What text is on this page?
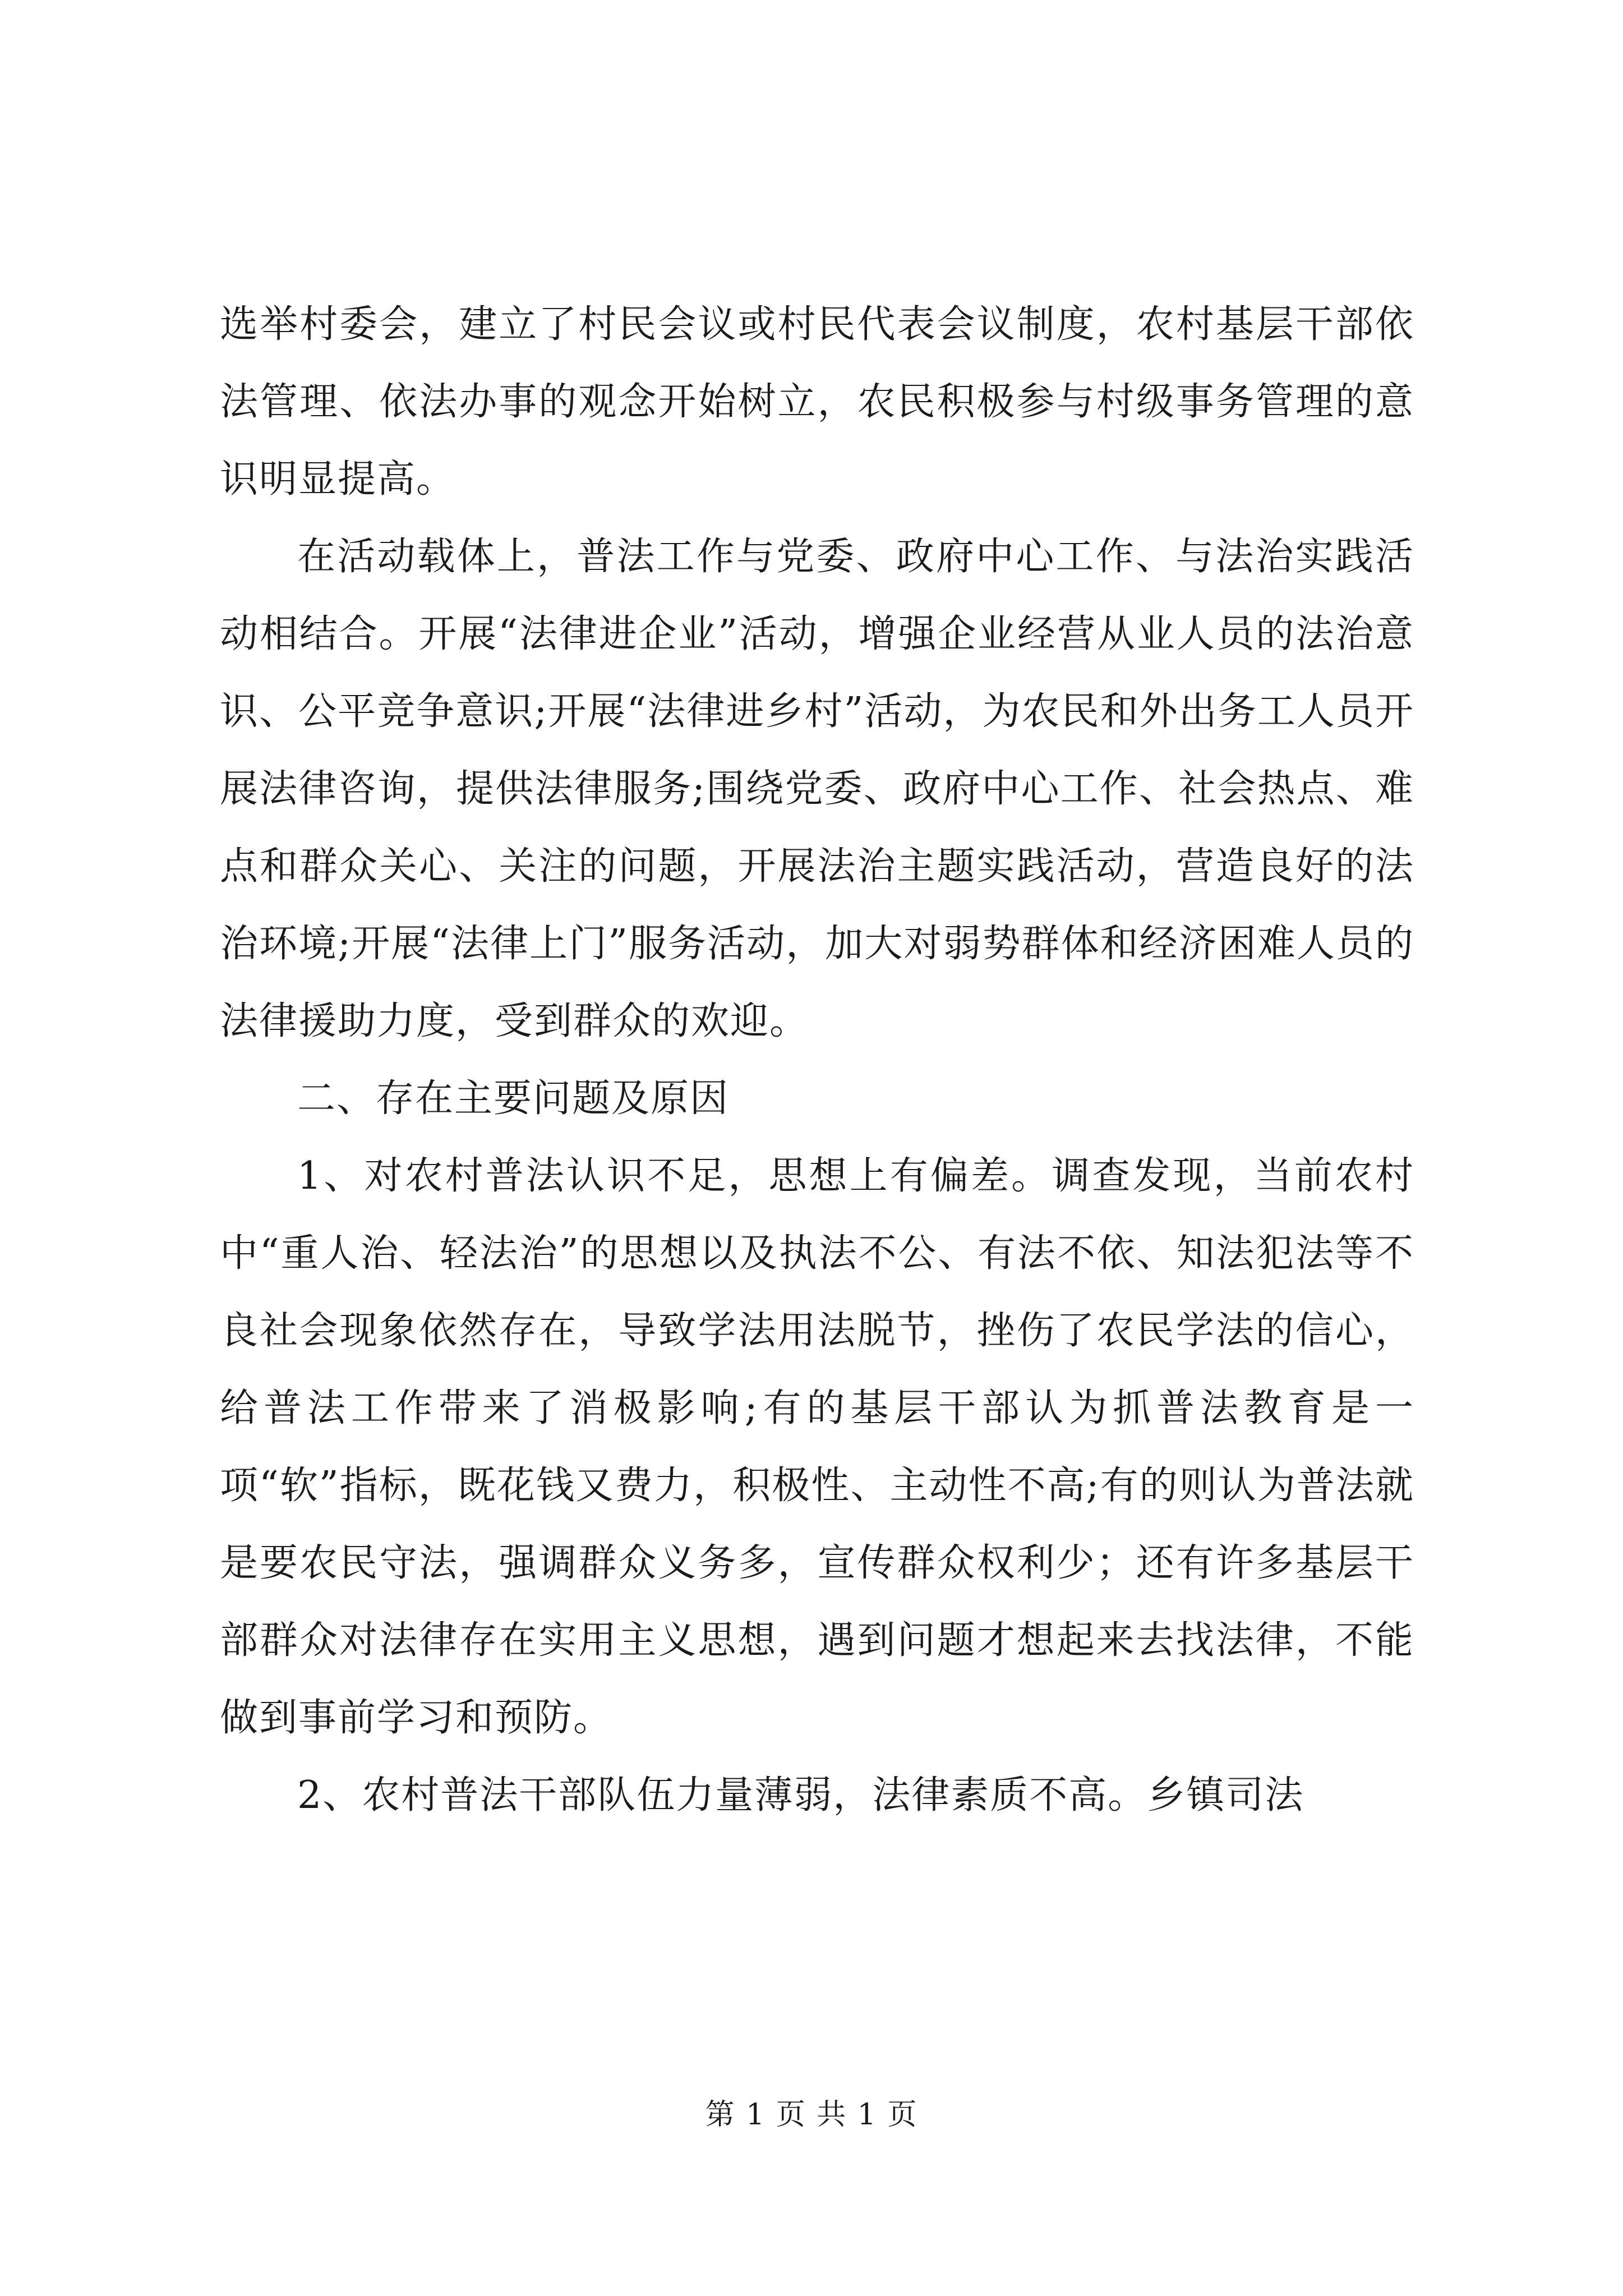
选举村委会，建立了村民会议或村民代表会议制度，农村基层干部依法管理、依法办事的观念开始树立，农民积极参与村级事务管理的意识明显提高。

在活动载体上，普法工作与党委、政府中心工作、与法治实践活动相结合。开展“法律进企业”活动，增强企业经营从业人员的法治意识、公平竞争意识;开展“法律进乡村”活动，为农民和外出务工人员开展法律咨询，提供法律服务;围绕党委、政府中心工作、社会热点、难点和群众关心、关注的问题，开展法治主题实践活动，营造良好的法治环境;开展“法律上门”服务活动，加大对弱势群体和经济困难人员的法律援助力度，受到群众的欢迎。

二、存在主要问题及原因

1、对农村普法认识不足，思想上有偏差。调查发现，当前农村中“重人治、轻法治”的思想以及执法不公、有法不依、知法犯法等不良社会现象依然存在，导致学法用法脱节，挫伤了农民学法的信心，给普法工作带来了消极影响;有的基层干部认为抓普法教育是一项“软”指标，既花钱又费力，积极性、主动性不高;有的则认为普法就是要农民守法，强调群众义务多，宣传群众权利少；还有许多基层干部群众对法律存在实用主义思想，遇到问题才想起来去找法律，不能做到事前学习和预防。

2、农村普法干部队伍力量薄弱，法律素质不高。乡镇司法

第 1 页 共 1 页
